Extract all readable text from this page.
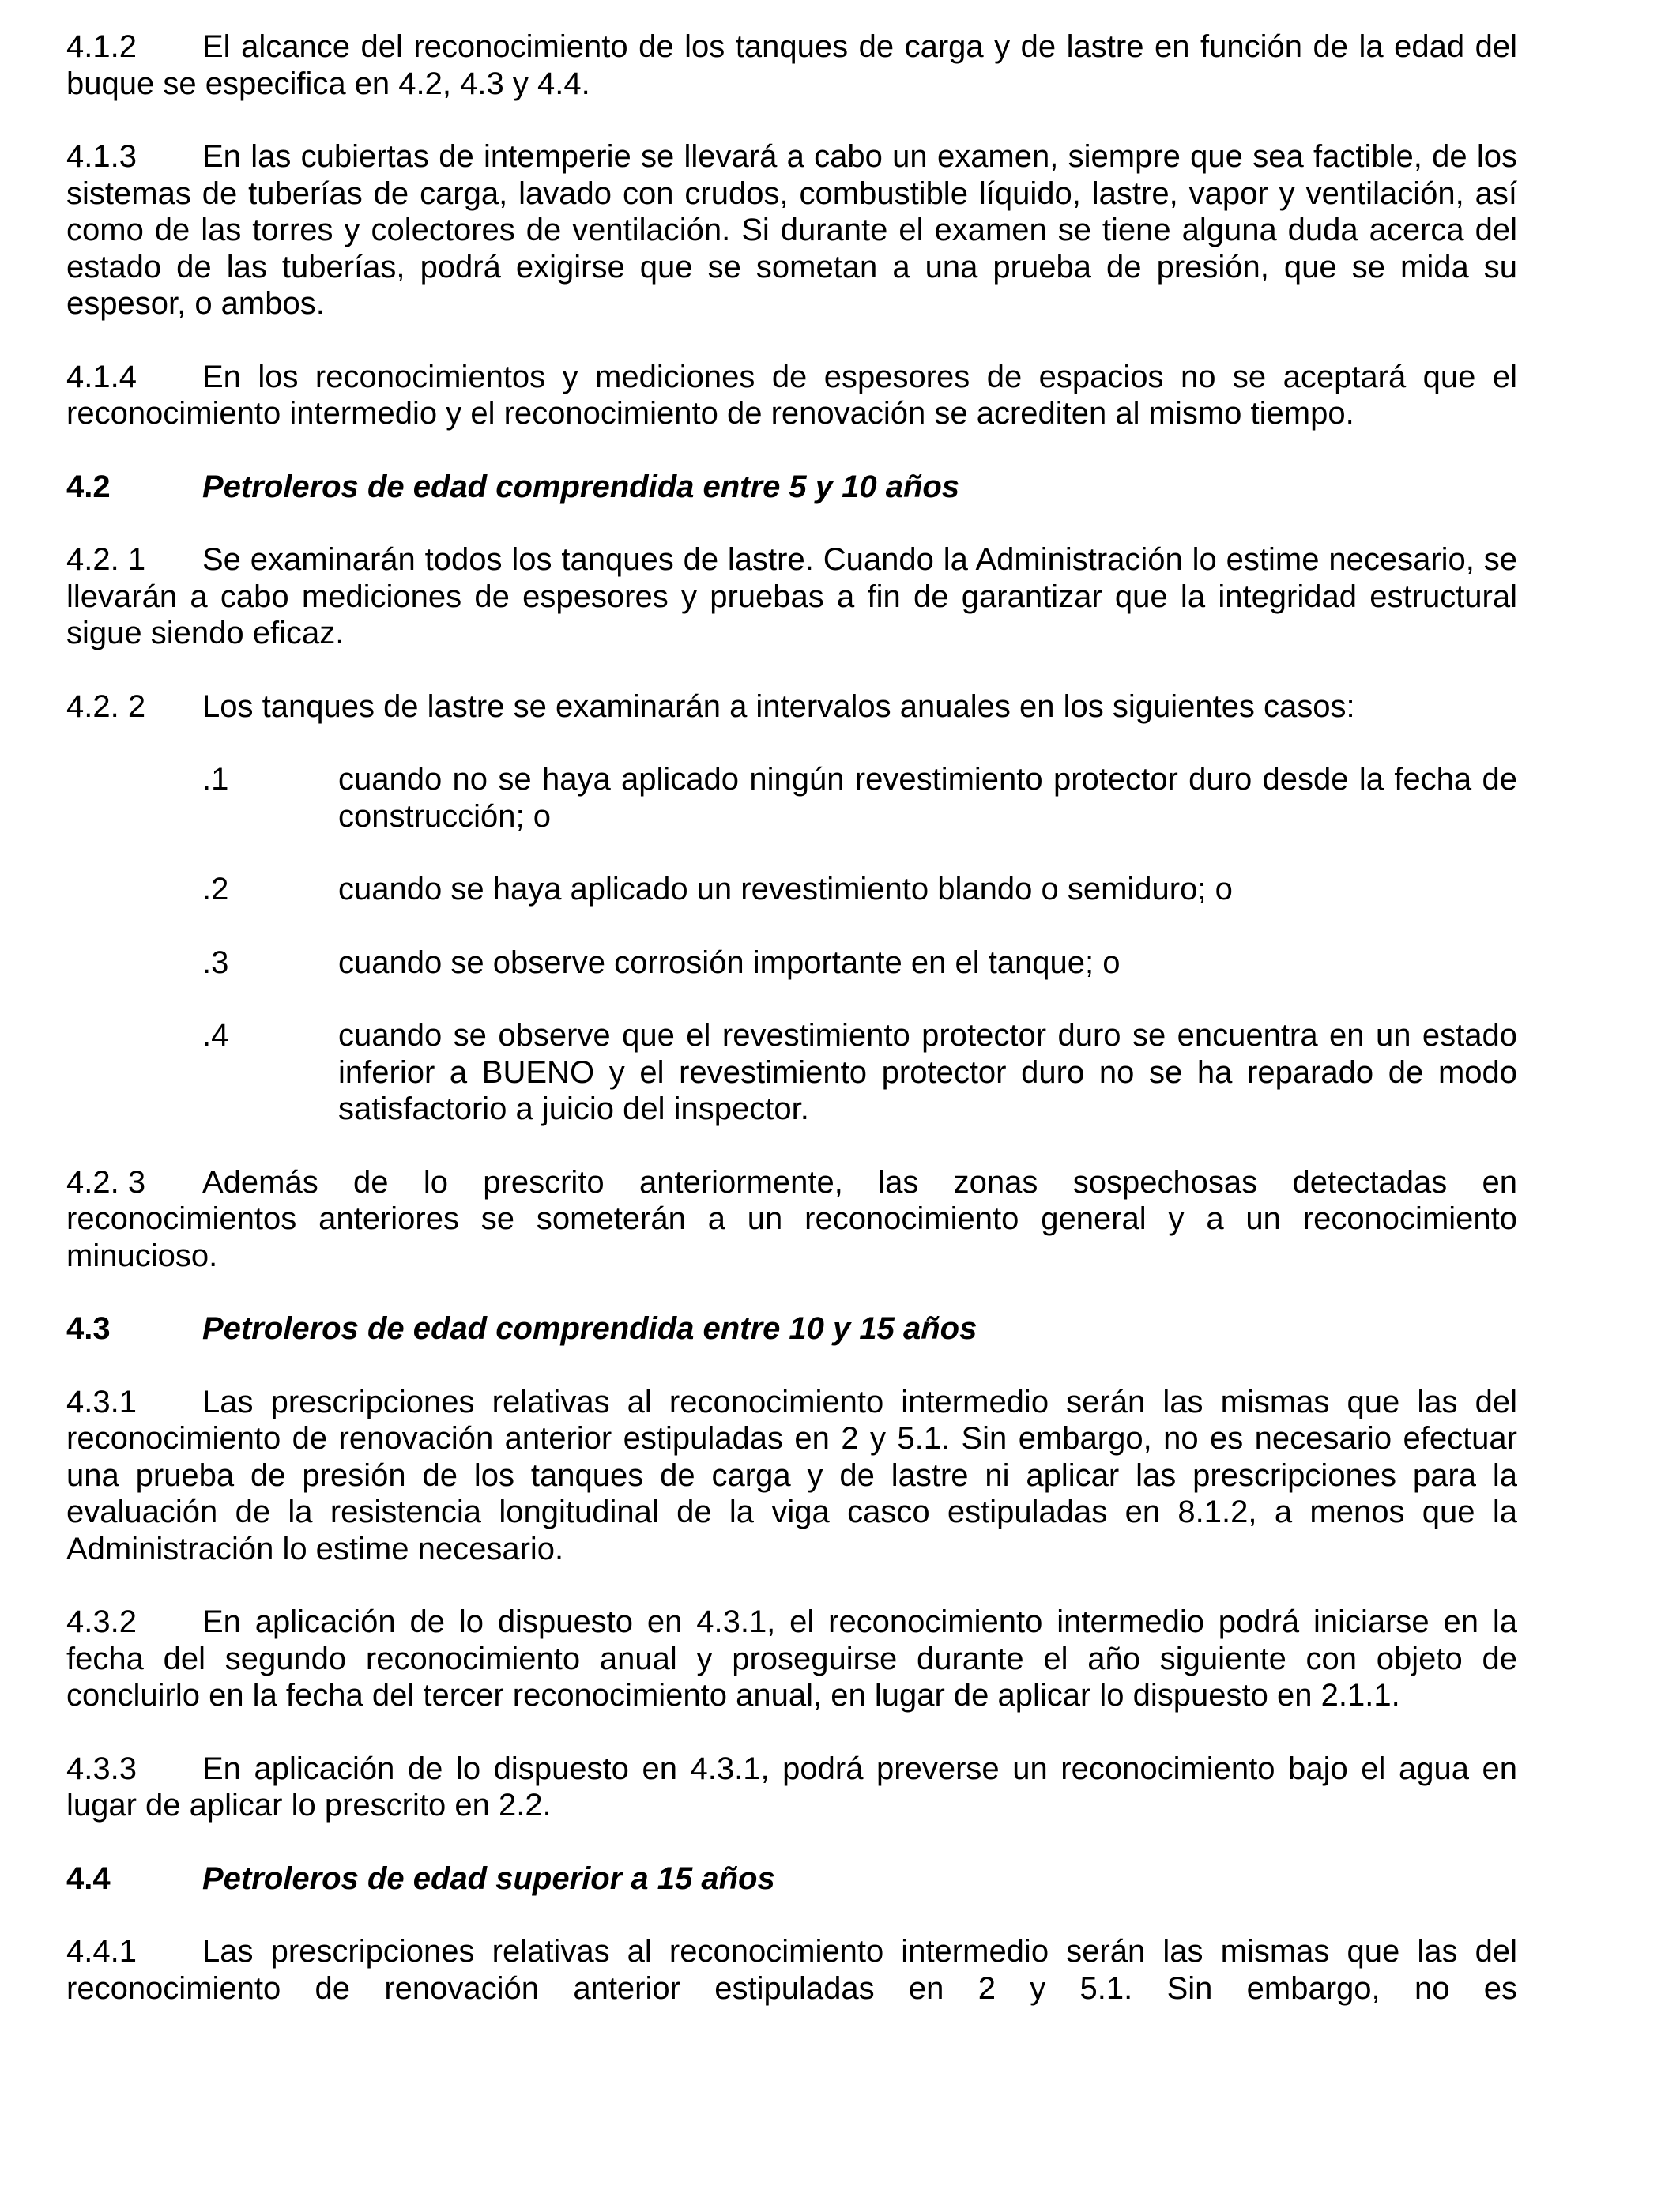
4.1.2 El alcance del reconocimiento de los tanques de carga y de lastre en función de la edad del buque se especifica en 4.2, 4.3 y 4.4.

4.1.3 En las cubiertas de intemperie se llevará a cabo un examen, siempre que sea factible, de los sistemas de tuberías de carga, lavado con crudos, combustible líquido, lastre, vapor y ventilación, así como de las torres y colectores de ventilación. Si durante el examen se tiene alguna duda acerca del estado de las tuberías, podrá exigirse que se sometan a una prueba de presión, que se mida su espesor, o ambos.

4.1.4 En los reconocimientos y mediciones de espesores de espacios no se aceptará que el reconocimiento intermedio y el reconocimiento de renovación se acrediten al mismo tiempo.

4.2	Petroleros de edad comprendida entre 5 y 10 años

4.2. 1 Se examinarán todos los tanques de lastre. Cuando la Administración lo estime necesario, se llevarán a cabo mediciones de espesores y pruebas a fin de garantizar que la integridad estructural sigue siendo eficaz.

4.2. 2 Los tanques de lastre se examinarán a intervalos anuales en los siguientes casos:

.1	cuando no se haya aplicado ningún revestimiento protector duro desde la fecha de construcción; o
.2	cuando se haya aplicado un revestimiento blando o semiduro; o
.3	cuando se observe corrosión importante en el tanque; o
.4	cuando se observe que el revestimiento protector duro se encuentra en un estado inferior a BUENO y el revestimiento protector duro no se ha reparado de modo satisfactorio a juicio del inspector.

4.2. 3 Además de lo prescrito anteriormente, las zonas sospechosas detectadas en reconocimientos anteriores se someterán a un reconocimiento general y a un reconocimiento minucioso.

4.3	Petroleros de edad comprendida entre 10 y 15 años

4.3.1 Las prescripciones relativas al reconocimiento intermedio serán las mismas que las del reconocimiento de renovación anterior estipuladas en 2 y 5.1. Sin embargo, no es necesario efectuar una prueba de presión de los tanques de carga y de lastre ni aplicar las prescripciones para la evaluación de la resistencia longitudinal de la viga casco estipuladas en 8.1.2, a menos que la Administración lo estime necesario.

4.3.2 En aplicación de lo dispuesto en 4.3.1, el reconocimiento intermedio podrá iniciarse en la fecha del segundo reconocimiento anual y proseguirse durante el año siguiente con objeto de concluirlo en la fecha del tercer reconocimiento anual, en lugar de aplicar lo dispuesto en 2.1.1.

4.3.3 En aplicación de lo dispuesto en 4.3.1, podrá preverse un reconocimiento bajo el agua en lugar de aplicar lo prescrito en 2.2.

4.4	Petroleros de edad superior a 15 años

4.4.1 Las prescripciones relativas al reconocimiento intermedio serán las mismas que las del reconocimiento de renovación anterior estipuladas en 2 y 5.1. Sin embargo, no es
